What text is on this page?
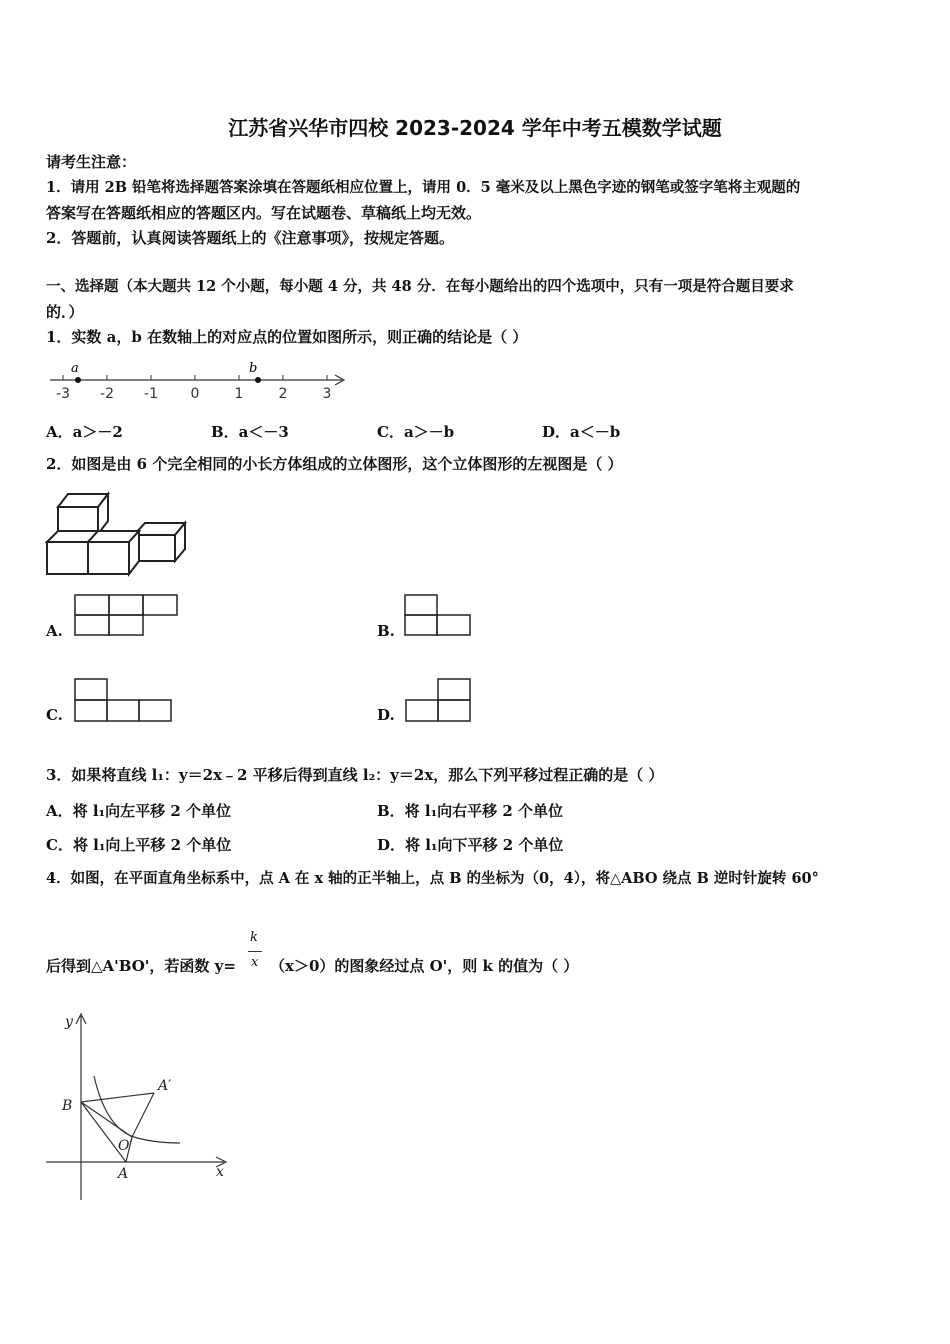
江苏省兴华市四校 2023-2024 学年中考五模数学试题
请考生注意：
1．请用 2B 铅笔将选择题答案涂填在答题纸相应位置上，请用 0．5 毫米及以上黑色字迹的钢笔或签字笔将主观题的
答案写在答题纸相应的答题区内。写在试题卷、草稿纸上均无效。
2．答题前，认真阅读答题纸上的《注意事项》，按规定答题。
一、选择题（本大题共 12 个小题，每小题 4 分，共 48 分．在每小题给出的四个选项中，只有一项是符合题目要求
的．）
1．实数 a，b 在数轴上的对应点的位置如图所示，则正确的结论是（ ）
-3 -2 -1 0	1	2	3
a	b
A．a＞－2	B．a＜－3	C．a＞－b	D．a＜－b
2．如图是由 6 个完全相同的小长方体组成的立体图形，这个立体图形的左视图是（ ）
A.	B.
C.	D.
3．如果将直线 l₁：y＝2x﹣2 平移后得到直线 l₂：y＝2x，那么下列平移过程正确的是（ ）
A．将 l₁向左平移 2 个单位	B．将 l₁向右平移 2 个单位
C．将 l₁向上平移 2 个单位	D．将 l₁向下平移 2 个单位
4．如图，在平面直角坐标系中，点 A 在 x 轴的正半轴上，点 B 的坐标为（0，4），将△ABO 绕点 B 逆时针旋转 60°
后得到△A'BO'，若函数 y=
k
x （x＞0）的图象经过点 O'，则 k 的值为（ ）
y
x
B
A
A′
O′
